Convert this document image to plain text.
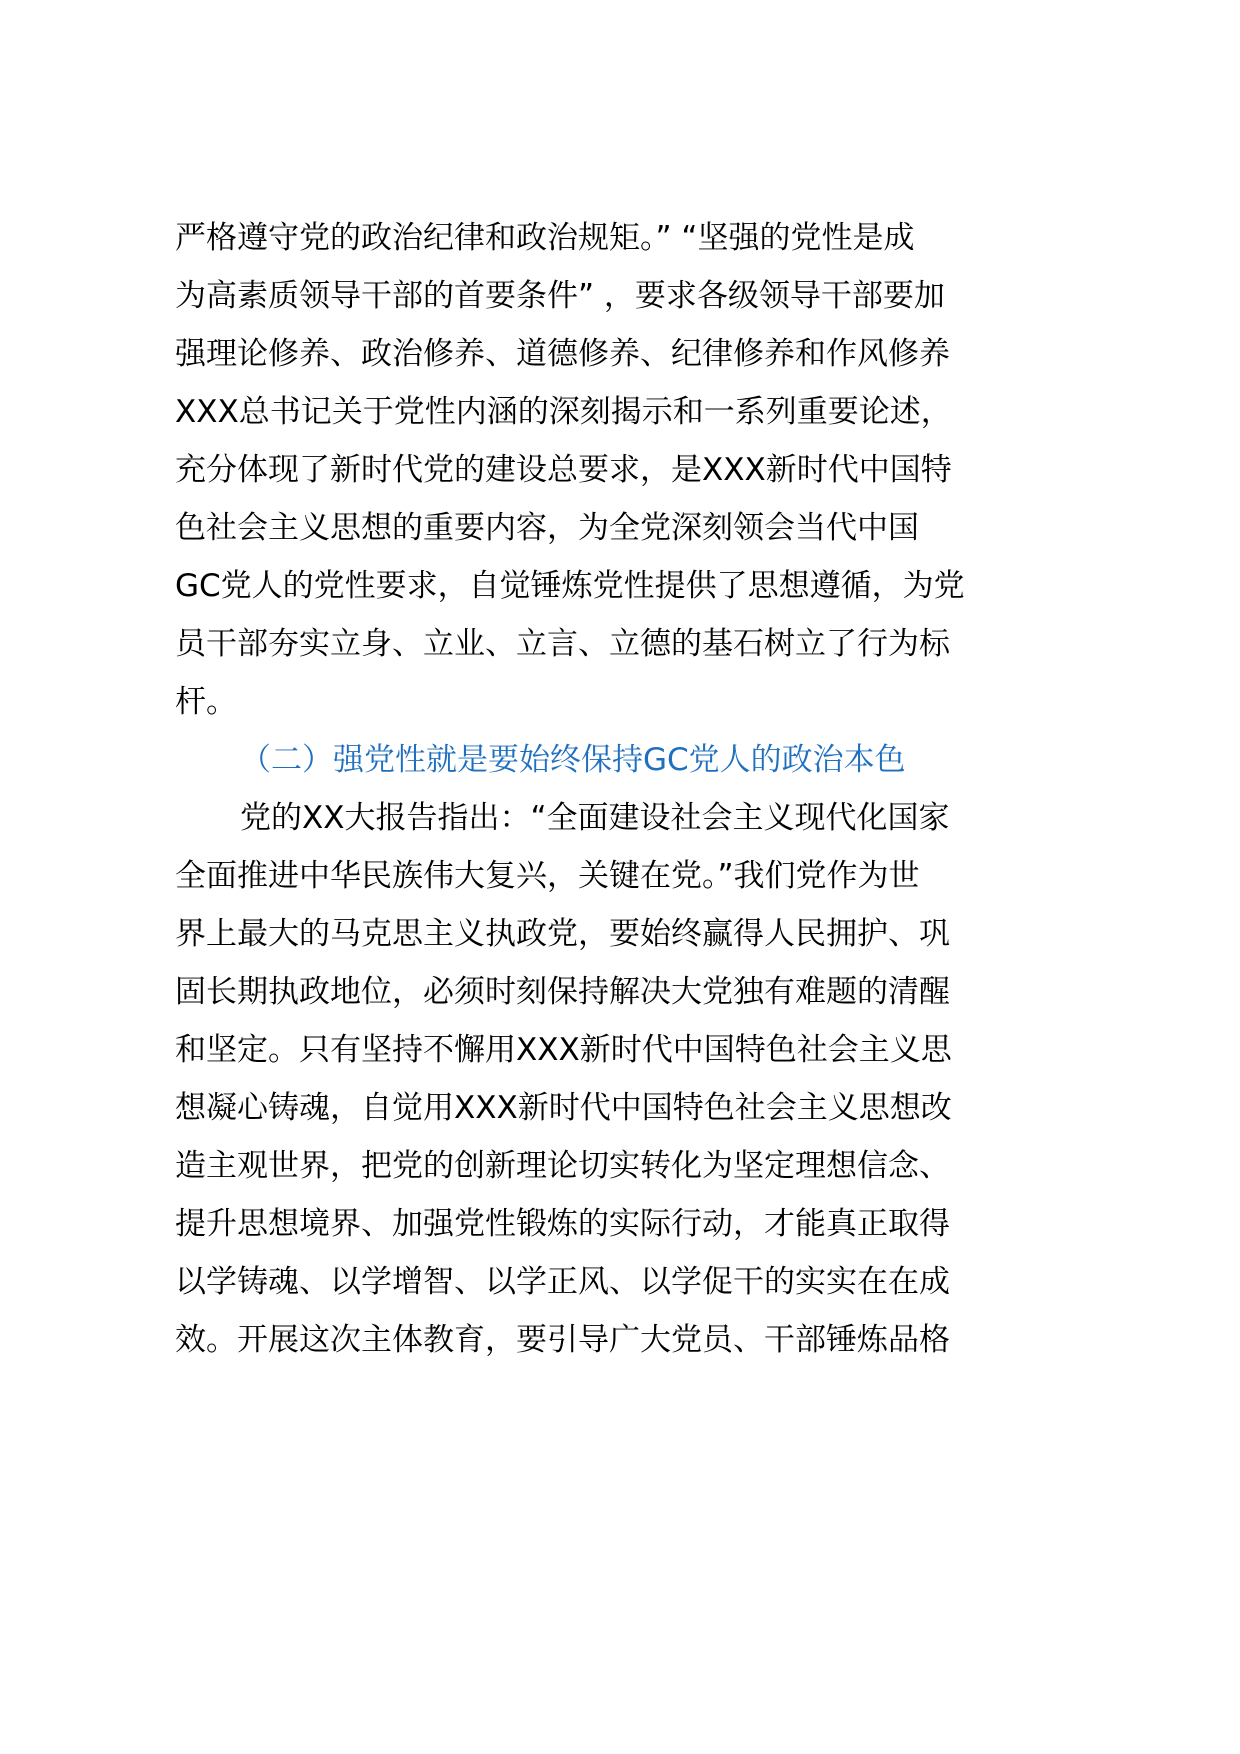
严格遵守党的政治纪律和政治规矩。” “坚强的党性是成
为高素质领导干部的首要条件” ，要求各级领导干部要加
强理论修养、政治修养、道德修养、纪律修养和作风修养
XXX总书记关于党性内涵的深刻揭示和一系列重要论述，
充分体现了新时代党的建设总要求，是XXX新时代中国特
色社会主义思想的重要内容，为全党深刻领会当代中国
GC党人的党性要求，自觉锤炼党性提供了思想遵循，为党
员干部夯实立身、立业、立言、立德的基石树立了行为标
杆。
（二）强党性就是要始终保持GC党人的政治本色
党的XX大报告指出：“全面建设社会主义现代化国家
全面推进中华民族伟大复兴，关键在党。”我们党作为世
界上最大的马克思主义执政党，要始终赢得人民拥护、巩
固长期执政地位，必须时刻保持解决大党独有难题的清醒
和坚定。只有坚持不懈用XXX新时代中国特色社会主义思
想凝心铸魂，自觉用XXX新时代中国特色社会主义思想改
造主观世界，把党的创新理论切实转化为坚定理想信念、
提升思想境界、加强党性锻炼的实际行动，才能真正取得
以学铸魂、以学增智、以学正风、以学促干的实实在在成
效。开展这次主体教育，要引导广大党员、干部锤炼品格
